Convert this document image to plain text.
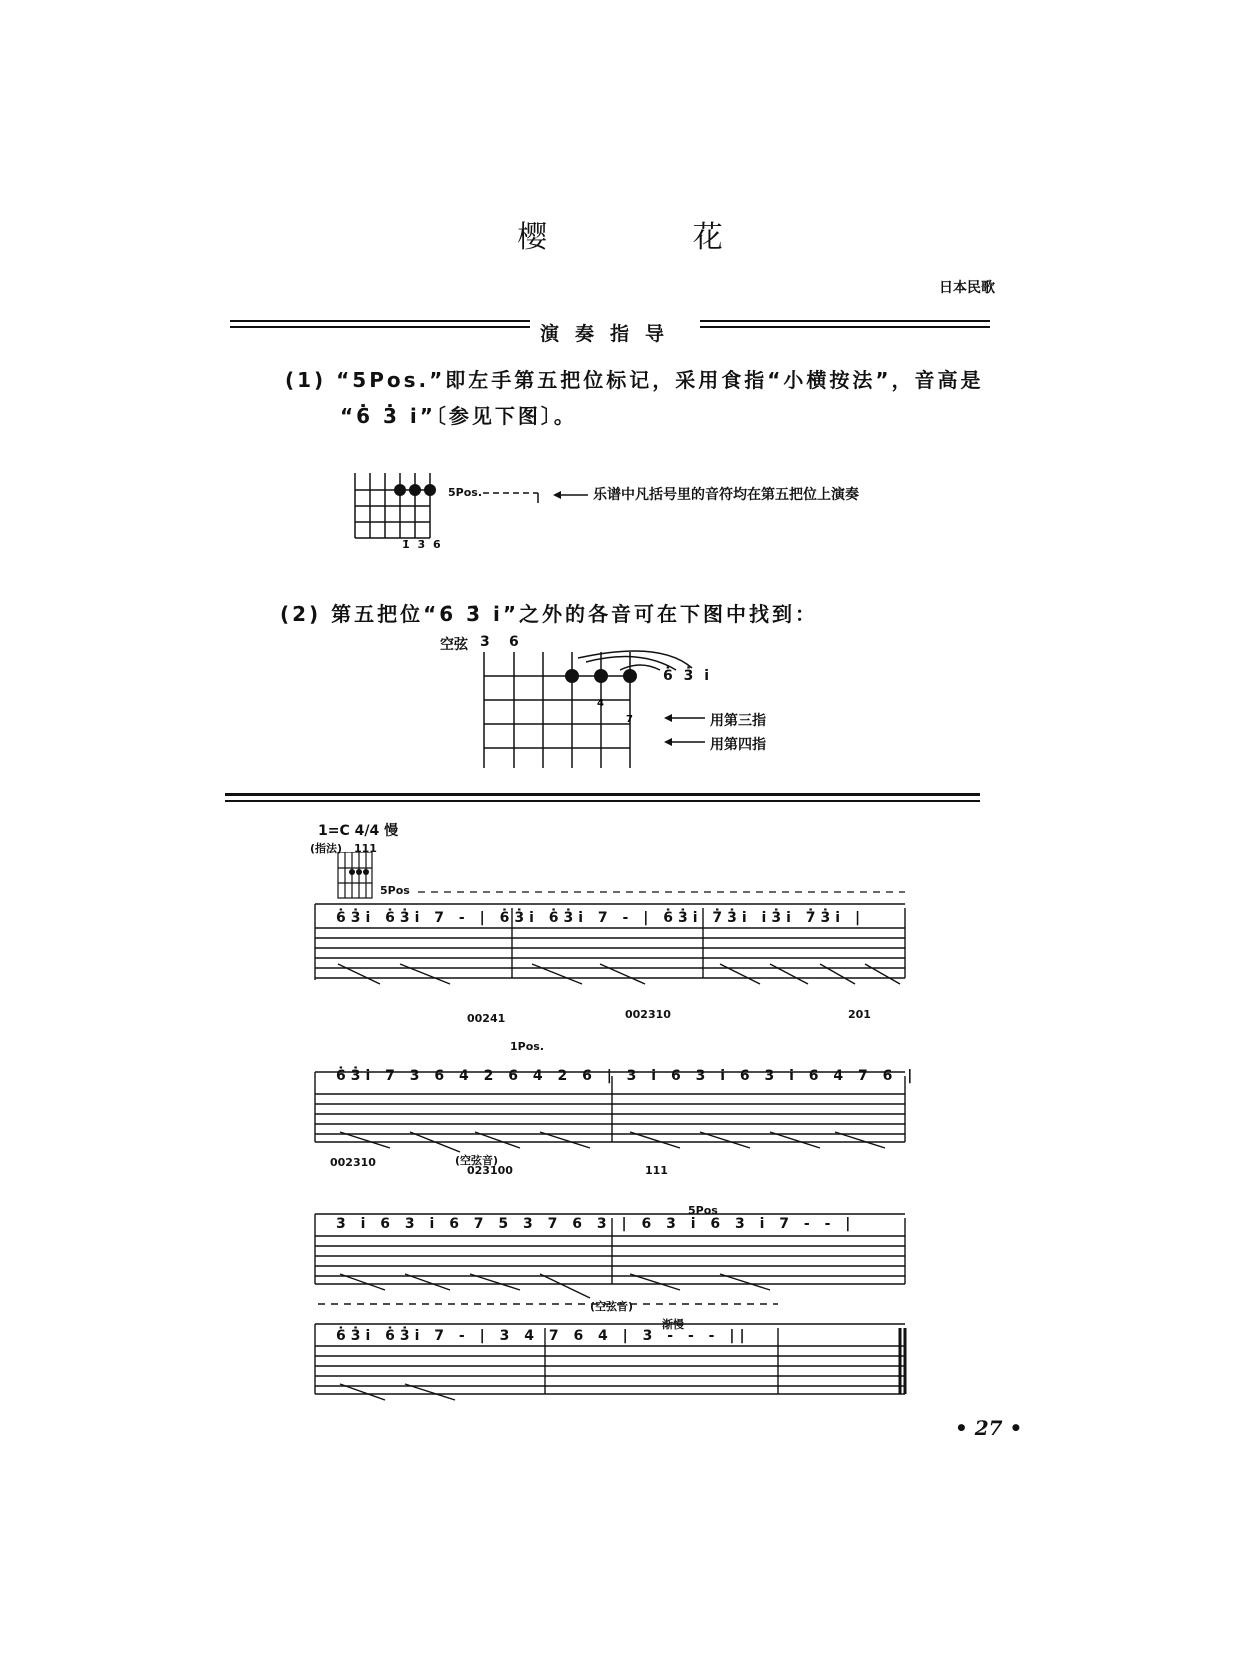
樱 花
日本民歌
演奏指导
(1) “5Pos.”即左手第五把位标记，采用食指“小横按法”，音高是
“6̇ 3̇ i̇”〔参见下图〕。
1̇ 3̇ 6̇
5Pos.	乐谱中凡括号里的音符均在第五把位上演奏
(2) 第五把位“6̇ 3̇ i̇”之外的各音可在下图中找到：
空弦 3 6
4
7
6̇ 3̇ i̇
用第三指
用第四指
1=C 4/4 慢
(指法) 111
5Pos
6̇3̇i̇ 6̇3̇i̇ 7 - | 6̇3̇i̇ 6̇3̇i̇ 7 - | 6̇3̇i̇ 7̇3̇i̇ i̇3̇i̇ 7̇3̇i̇ |
00241	002310	201
1Pos.
6̇3̇i̇ 7 3 6 4 2 6 4 2 6 | 3 i 6 3 i 6 3 i 6 4 7 6 |
(空弦音)
002310
023100	111
5Pos
3 i 6 3 i 6 7 5 3 7 6 3 | 6 3 i 6 3 i 7 - - |
(空弦音)
渐慢
6̇3̇i̇ 6̇3̇i̇ 7 - | 3 4 7 6 4 | 3 - - - ||
• 27 •
